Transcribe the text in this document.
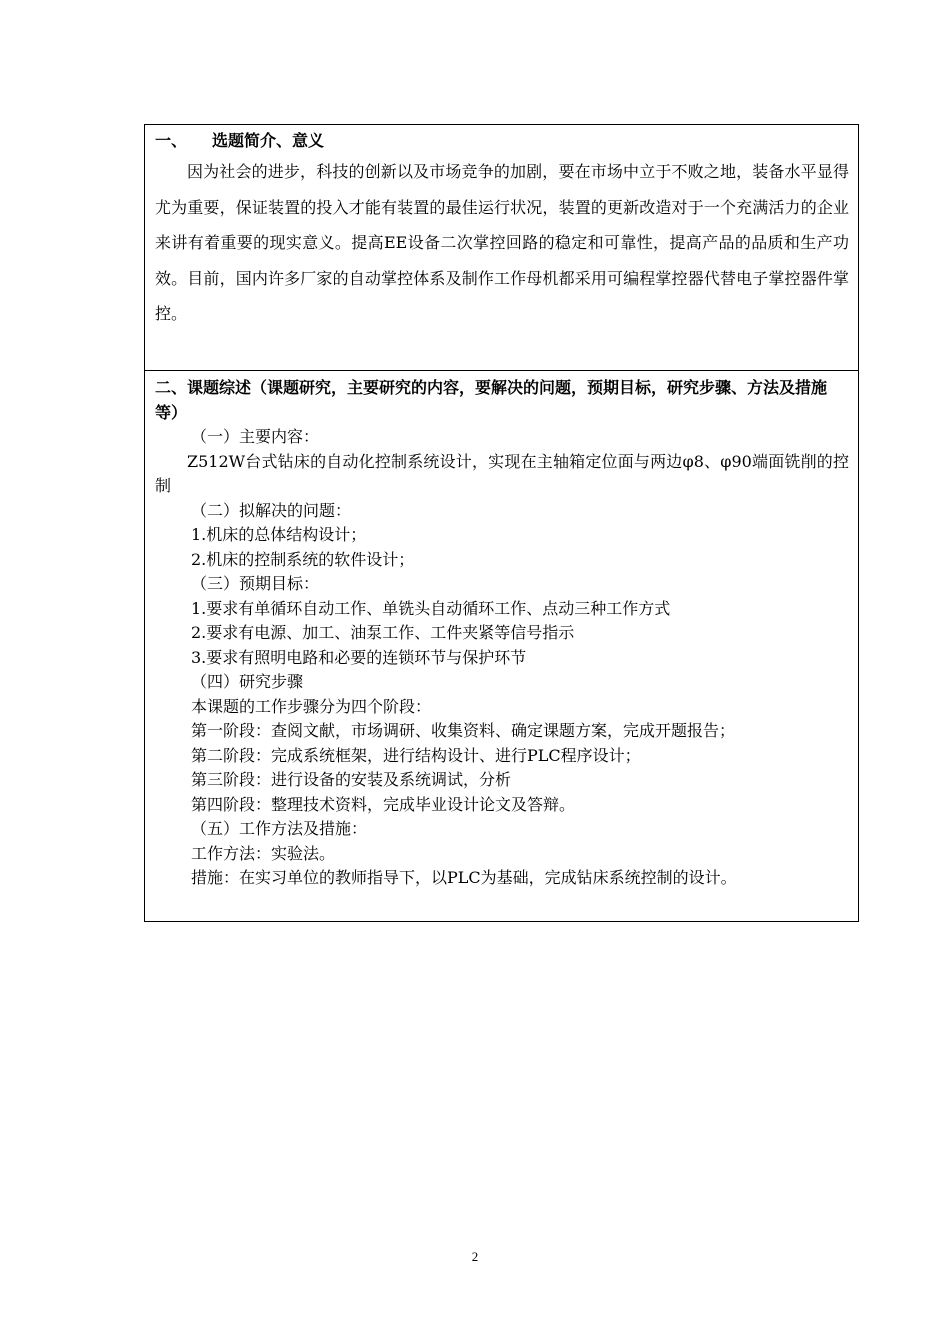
一、 选题简介、意义

因为社会的进步，科技的创新以及市场竞争的加剧，要在市场中立于不败之地，装备水平显得尤为重要，保证装置的投入才能有装置的最佳运行状况，装置的更新改造对于一个充满活力的企业来讲有着重要的现实意义。提高EE设备二次掌控回路的稳定和可靠性，提高产品的品质和生产功效。目前，国内许多厂家的自动掌控体系及制作工作母机都采用可编程掌控器代替电子掌控器件掌控。

二、课题综述（课题研究，主要研究的内容，要解决的问题，预期目标，研究步骤、方法及措施等）

（一）主要内容：

Z512W台式钻床的自动化控制系统设计，实现在主轴箱定位面与两边φ8、φ90端面铣削的控制

（二）拟解决的问题：

1.机床的总体结构设计；

2.机床的控制系统的软件设计；

（三）预期目标：

1.要求有单循环自动工作、单铣头自动循环工作、点动三种工作方式

2.要求有电源、加工、油泵工作、工件夹紧等信号指示

3.要求有照明电路和必要的连锁环节与保护环节

（四）研究步骤

本课题的工作步骤分为四个阶段：

第一阶段：查阅文献，市场调研、收集资料、确定课题方案，完成开题报告；

第二阶段：完成系统框架，进行结构设计、进行PLC程序设计；

第三阶段：进行设备的安装及系统调试，分析

第四阶段：整理技术资料，完成毕业设计论文及答辩。

（五）工作方法及措施：

工作方法：实验法。

措施：在实习单位的教师指导下，以PLC为基础，完成钻床系统控制的设计。

2
